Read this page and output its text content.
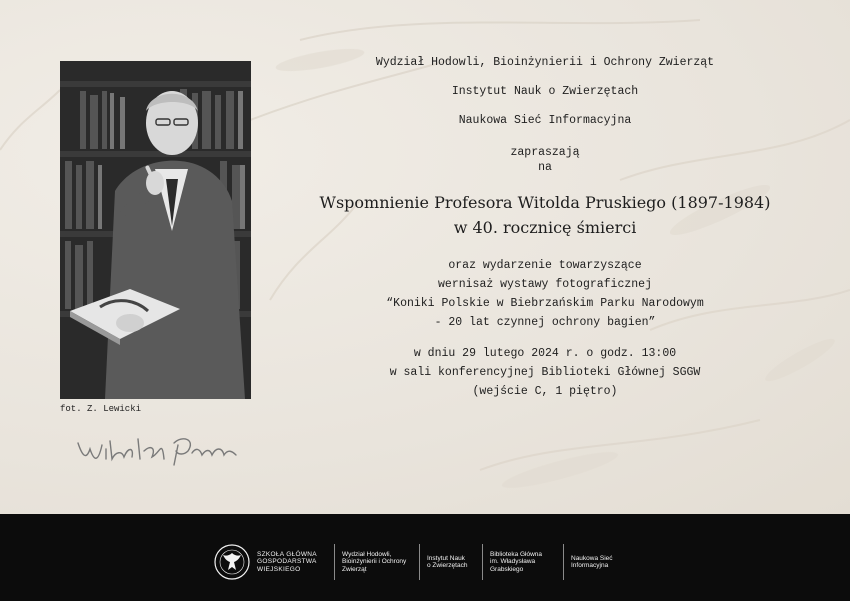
fot. Z. Lewicki
Wydział Hodowli, Bioinżynierii i Ochrony Zwierząt
Instytut Nauk o Zwierzętach
Naukowa Sieć Informacyjna
zapraszają
na
Wspomnienie Profesora Witolda Pruskiego (1897-1984)
w 40. rocznicę śmierci
oraz wydarzenie towarzyszące
wernisaż wystawy fotograficznej
“Koniki Polskie w Biebrzańskim Parku Narodowym
- 20 lat czynnej ochrony bagien”
w dniu 29 lutego 2024 r. o godz. 13:00
w sali konferencyjnej Biblioteki Głównej SGGW
(wejście C, 1 piętro)
SZKOŁA GŁÓWNA
GOSPODARSTWA
WIEJSKIEGO
Wydział Hodowli,
Bioinżynierii i Ochrony
Zwierząt
Instytut Nauk
o Zwierzętach
Biblioteka Główna
im. Władysława
Grabskiego
Naukowa Sieć
Informacyjna
